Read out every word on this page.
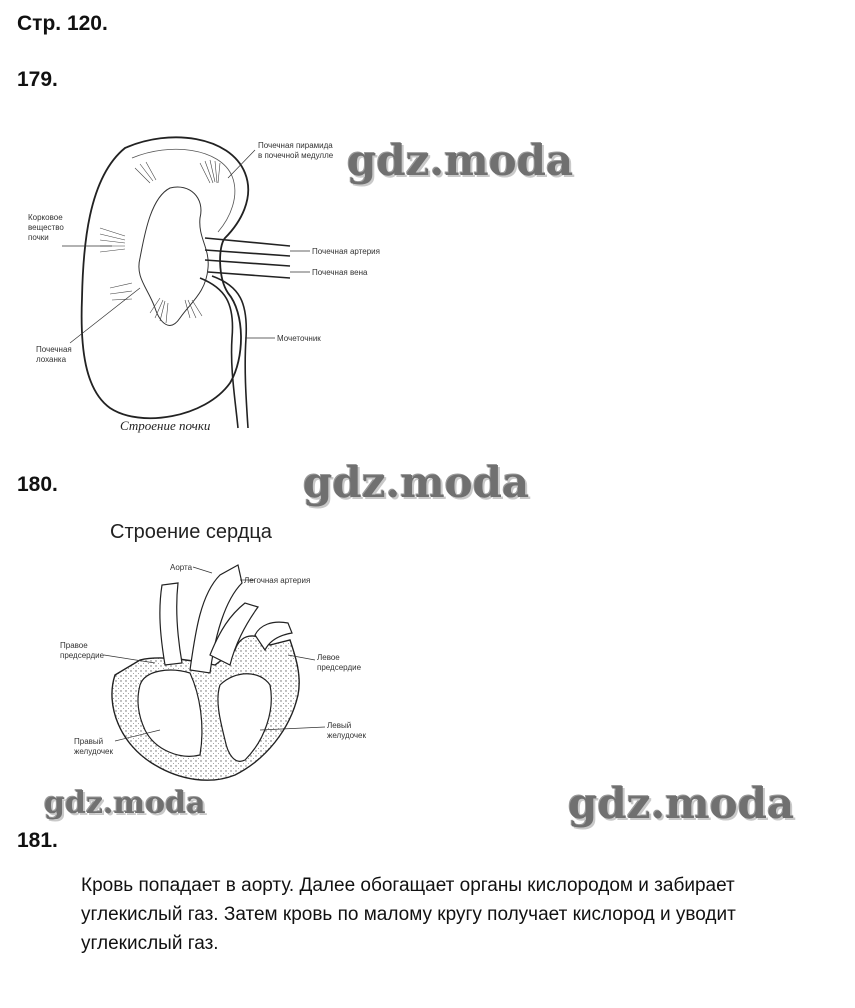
Стр. 120.
179.
Почечная пирамида
в почечной медулле
Корковое
вещество
почки
Почечная артерия
Почечная вена
Мочеточник
Почечная
лоханка
Строение почки
gdz.moda
180.	gdz.moda
Строение сердца
Аорта
Легочная артерия
Правое
предсердие	Левое
предсердие
Левый
желудочек
Правый
желудочек
gdz.moda	gdz.moda
181.
Кровь попадает в аорту. Далее обогащает органы кислородом и забирает
углекислый газ. Затем кровь по малому кругу получает кислород и уводит
углекислый газ.
